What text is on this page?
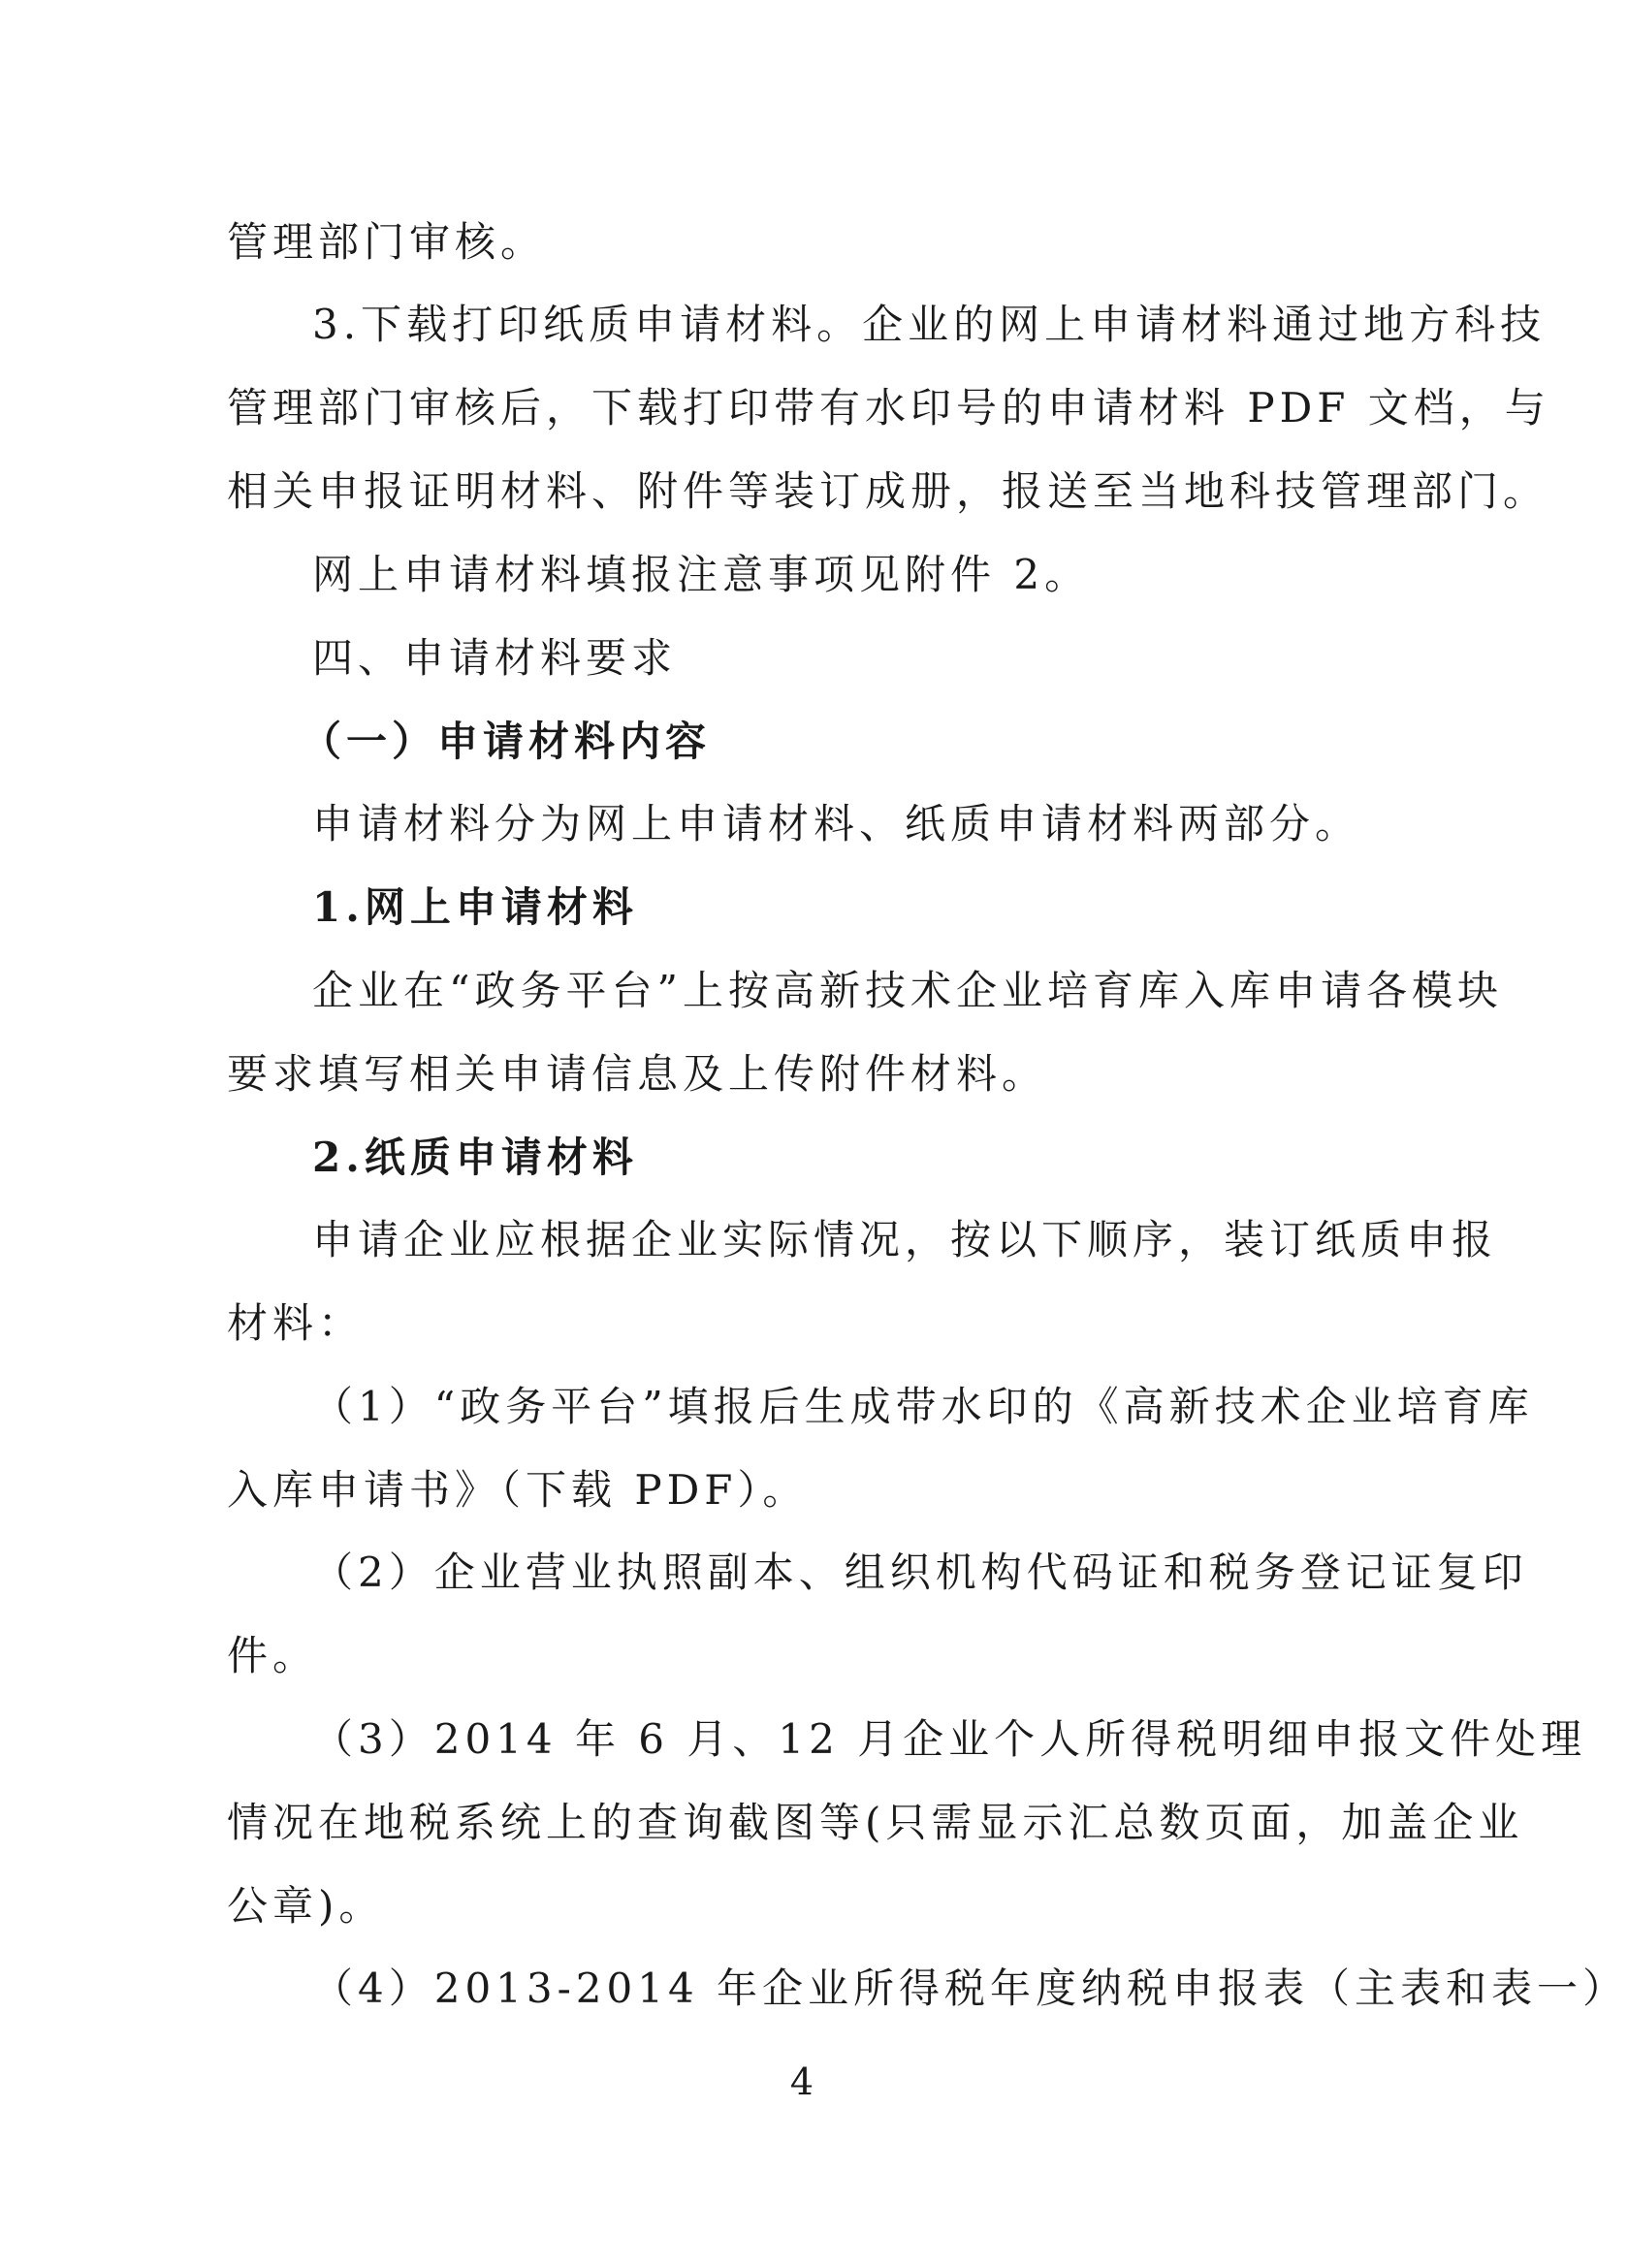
管理部门审核。
3.下载打印纸质申请材料。企业的网上申请材料通过地方科技
管理部门审核后，下载打印带有水印号的申请材料 PDF 文档，与
相关申报证明材料、附件等装订成册，报送至当地科技管理部门。
网上申请材料填报注意事项见附件 2。
四、申请材料要求
（一）申请材料内容
申请材料分为网上申请材料、纸质申请材料两部分。
1.网上申请材料
企业在“政务平台”上按高新技术企业培育库入库申请各模块
要求填写相关申请信息及上传附件材料。
2.纸质申请材料
申请企业应根据企业实际情况，按以下顺序，装订纸质申报
材料：
（1）“政务平台”填报后生成带水印的《高新技术企业培育库
入库申请书》（下载 PDF）。
（2）企业营业执照副本、组织机构代码证和税务登记证复印
件。
（3）2014 年 6 月、12 月企业个人所得税明细申报文件处理
情况在地税系统上的查询截图等(只需显示汇总数页面，加盖企业
公章)。
（4）2013-2014 年企业所得税年度纳税申报表（主表和表一）
4
